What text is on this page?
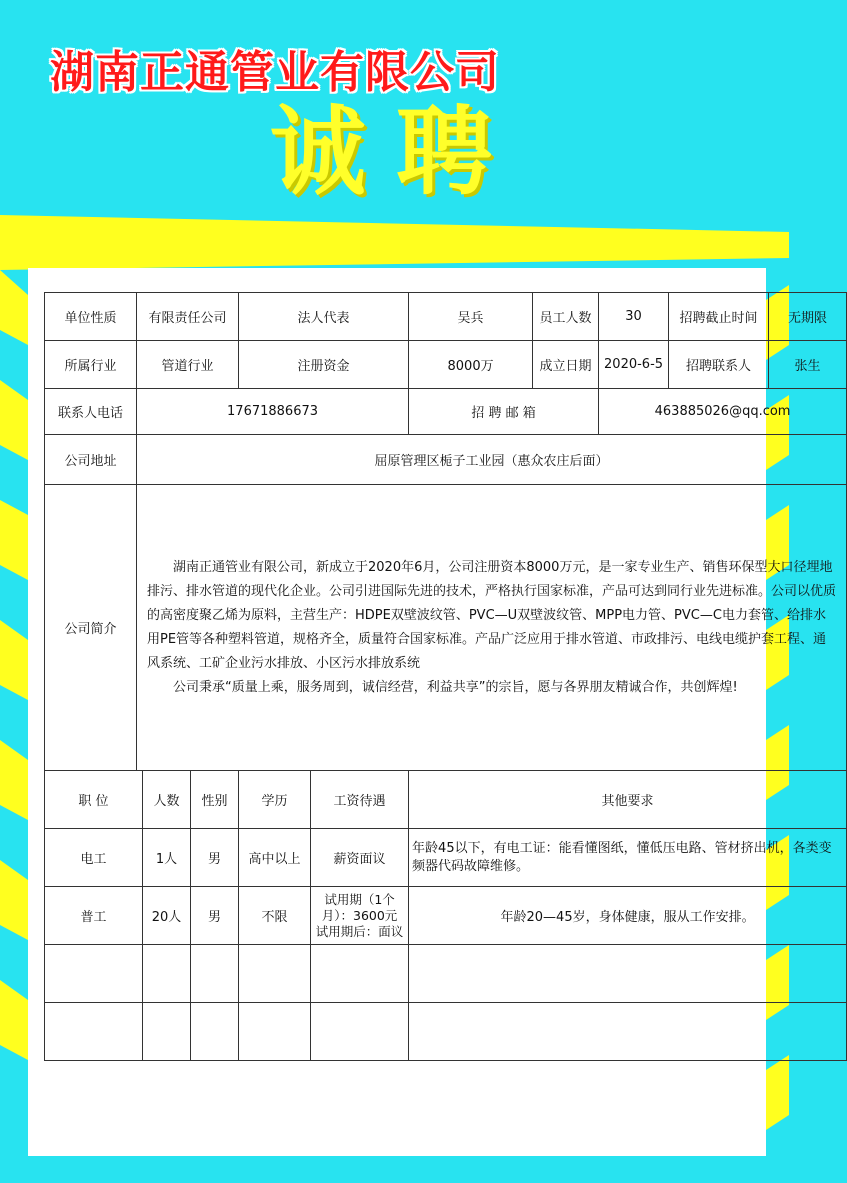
湖南正通管业有限公司
诚聘
单位性质	有限责任公司			法人代表		吴兵	员工人数	30	招聘截止时间	无期限
所属行业	管道行业			注册资金		8000万	成立日期	2020-6-5	招聘联系人	张生
联系人电话	17671886673					招 聘 邮 箱		463885026@qq.com		
公司地址	屈原管理区栀子工业园（惠众农庄后面）									
公司简介	湖南正通管业有限公司，新成立于2020年6月，公司注册资本8000万元，是一家专业生产、销售环保型大口径埋地排污、排水管道的现代化企业。公司引进国际先进的技术，严格执行国家标准，产品可达到同行业先进标准。公司以优质的高密度聚乙烯为原料，主营生产：HDPE双壁波纹管、PVC—U双壁波纹管、MPP电力管、PVC—C电力套管、给排水用PE管等各种塑料管道，规格齐全，质量符合国家标准。产品广泛应用于排水管道、市政排污、电线电缆护套工程、通风系统、工矿企业污水排放、小区污水排放系统

公司秉承“质量上乘，服务周到，诚信经营，利益共享”的宗旨，愿与各界朋友精诚合作，共创辉煌!									

职 位		人数	性别	学历	工资待遇	其他要求				
电工		1人	男	高中以上	薪资面议	年龄45以下，有电工证：能看懂图纸，懂低压电路、管材挤出机，各类变频器代码故障维修。				
普工		20人	男	不限	试用期（1个月）：3600元　试用期后：面议	年龄20—45岁，身体健康，服从工作安排。				
